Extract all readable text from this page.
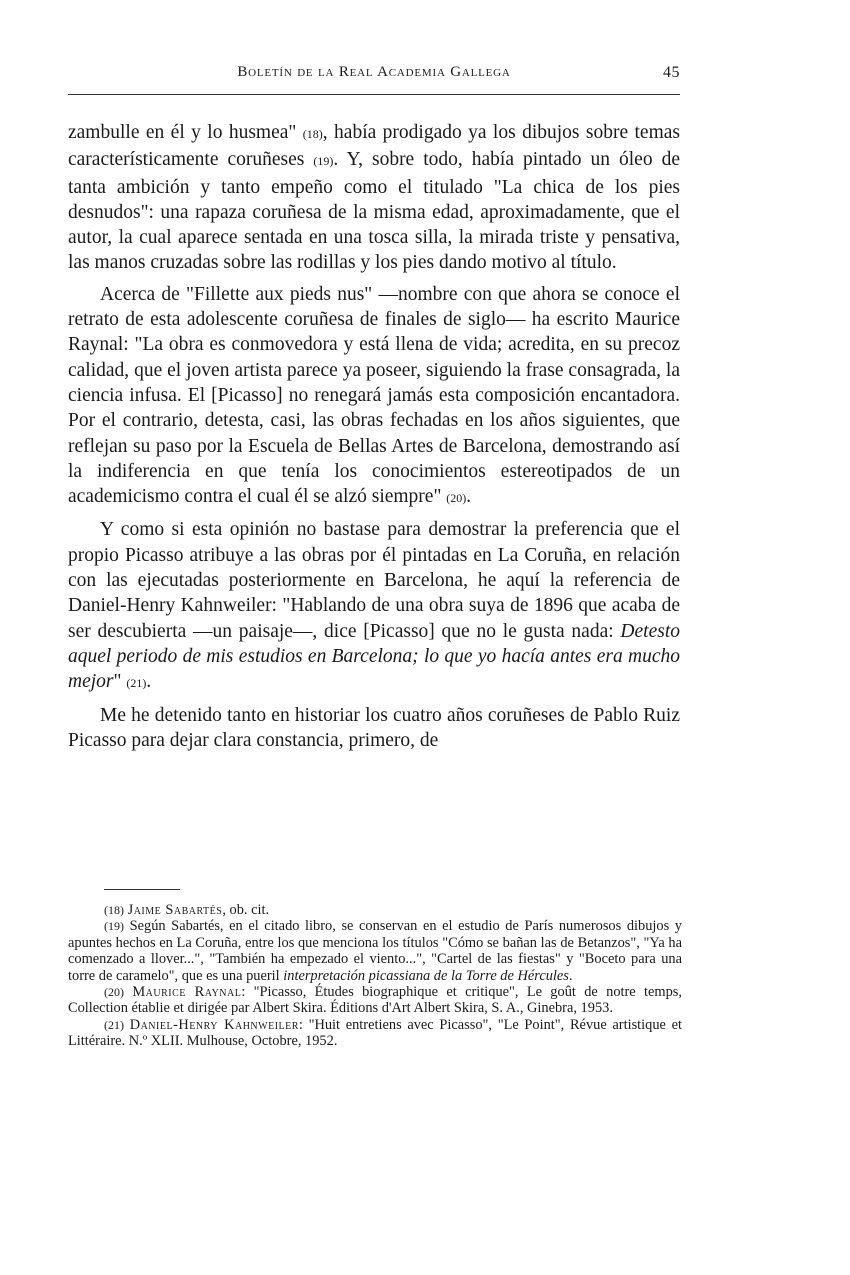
Boletín de la Real Academia Gallega	45

zambulle en él y lo husmea" (18), había prodigado ya los dibujos sobre temas característicamente coruñeses (19). Y, sobre todo, había pintado un óleo de tanta ambición y tanto empeño como el titulado "La chica de los pies desnudos": una rapaza coruñesa de la misma edad, aproximadamente, que el autor, la cual aparece sentada en una tosca silla, la mirada triste y pensativa, las manos cruzadas sobre las rodillas y los pies dando motivo al título.

Acerca de "Fillette aux pieds nus" —nombre con que ahora se conoce el retrato de esta adolescente coruñesa de finales de siglo— ha escrito Maurice Raynal: "La obra es conmovedora y está llena de vida; acredita, en su precoz calidad, que el joven artista parece ya poseer, siguiendo la frase consagrada, la ciencia infusa. El [Picasso] no renegará jamás esta composición encantadora. Por el contrario, detesta, casi, las obras fechadas en los años siguientes, que reflejan su paso por la Escuela de Bellas Artes de Barcelona, demostrando así la indiferencia en que tenía los conocimientos estereotipados de un academicismo contra el cual él se alzó siempre" (20).

Y como si esta opinión no bastase para demostrar la preferencia que el propio Picasso atribuye a las obras por él pintadas en La Coruña, en relación con las ejecutadas posteriormente en Barcelona, he aquí la referencia de Daniel-Henry Kahnweiler: "Hablando de una obra suya de 1896 que acaba de ser descubierta —un paisaje—, dice [Picasso] que no le gusta nada: Detesto aquel periodo de mis estudios en Barcelona; lo que yo hacía antes era mucho mejor" (21).

Me he detenido tanto en historiar los cuatro años coruñeses de Pablo Ruiz Picasso para dejar clara constancia, primero, de

(18) Jaime Sabartés, ob. cit.

(19) Según Sabartés, en el citado libro, se conservan en el estudio de París numerosos dibujos y apuntes hechos en La Coruña, entre los que menciona los títulos "Cómo se bañan las de Betanzos", "Ya ha comenzado a llover...", "También ha empezado el viento...", "Cartel de las fiestas" y "Boceto para una torre de caramelo", que es una pueril interpretación picassiana de la Torre de Hércules.

(20) Maurice Raynal: "Picasso, Études biographique et critique", Le goût de notre temps, Collection établie et dirigée par Albert Skira. Éditions d'Art Albert Skira, S. A., Ginebra, 1953.

(21) Daniel-Henry Kahnweiler: "Huit entretiens avec Picasso", "Le Point", Révue artistique et Littéraire. N.º XLII. Mulhouse, Octobre, 1952.
